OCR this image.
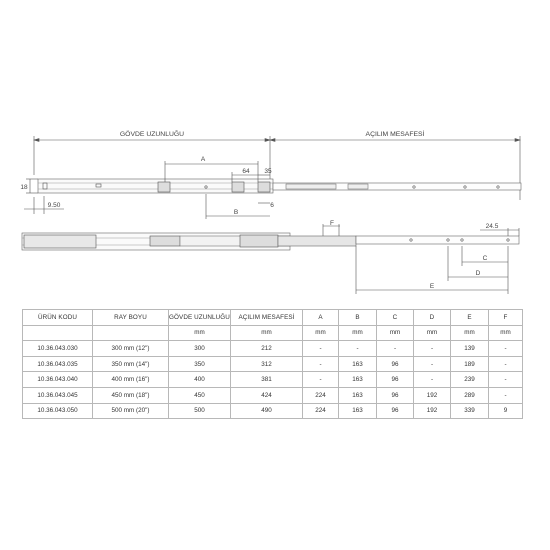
GÖVDE UZUNLUĞU	AÇILIM MESAFESİ
A
64 35
6
B
18
9.50
F	24.5
C
D
E
ÜRÜN KODU	RAY BOYU	GÖVDE UZUNLUĞU	AÇILIM MESAFESİ	A	B	C	D	E	F
		mm	mm	mm	mm	mm	mm	mm	mm
10.36.043.030	300 mm (12")	300	212	-	-	-	-	139	-
10.36.043.035	350 mm (14")	350	312	-	163	96	-	189	-
10.36.043.040	400 mm (16")	400	381	-	163	96	-	239	-
10.36.043.045	450 mm (18")	450	424	224	163	96	192	289	-
10.36.043.050	500 mm (20")	500	490	224	163	96	192	339	9
